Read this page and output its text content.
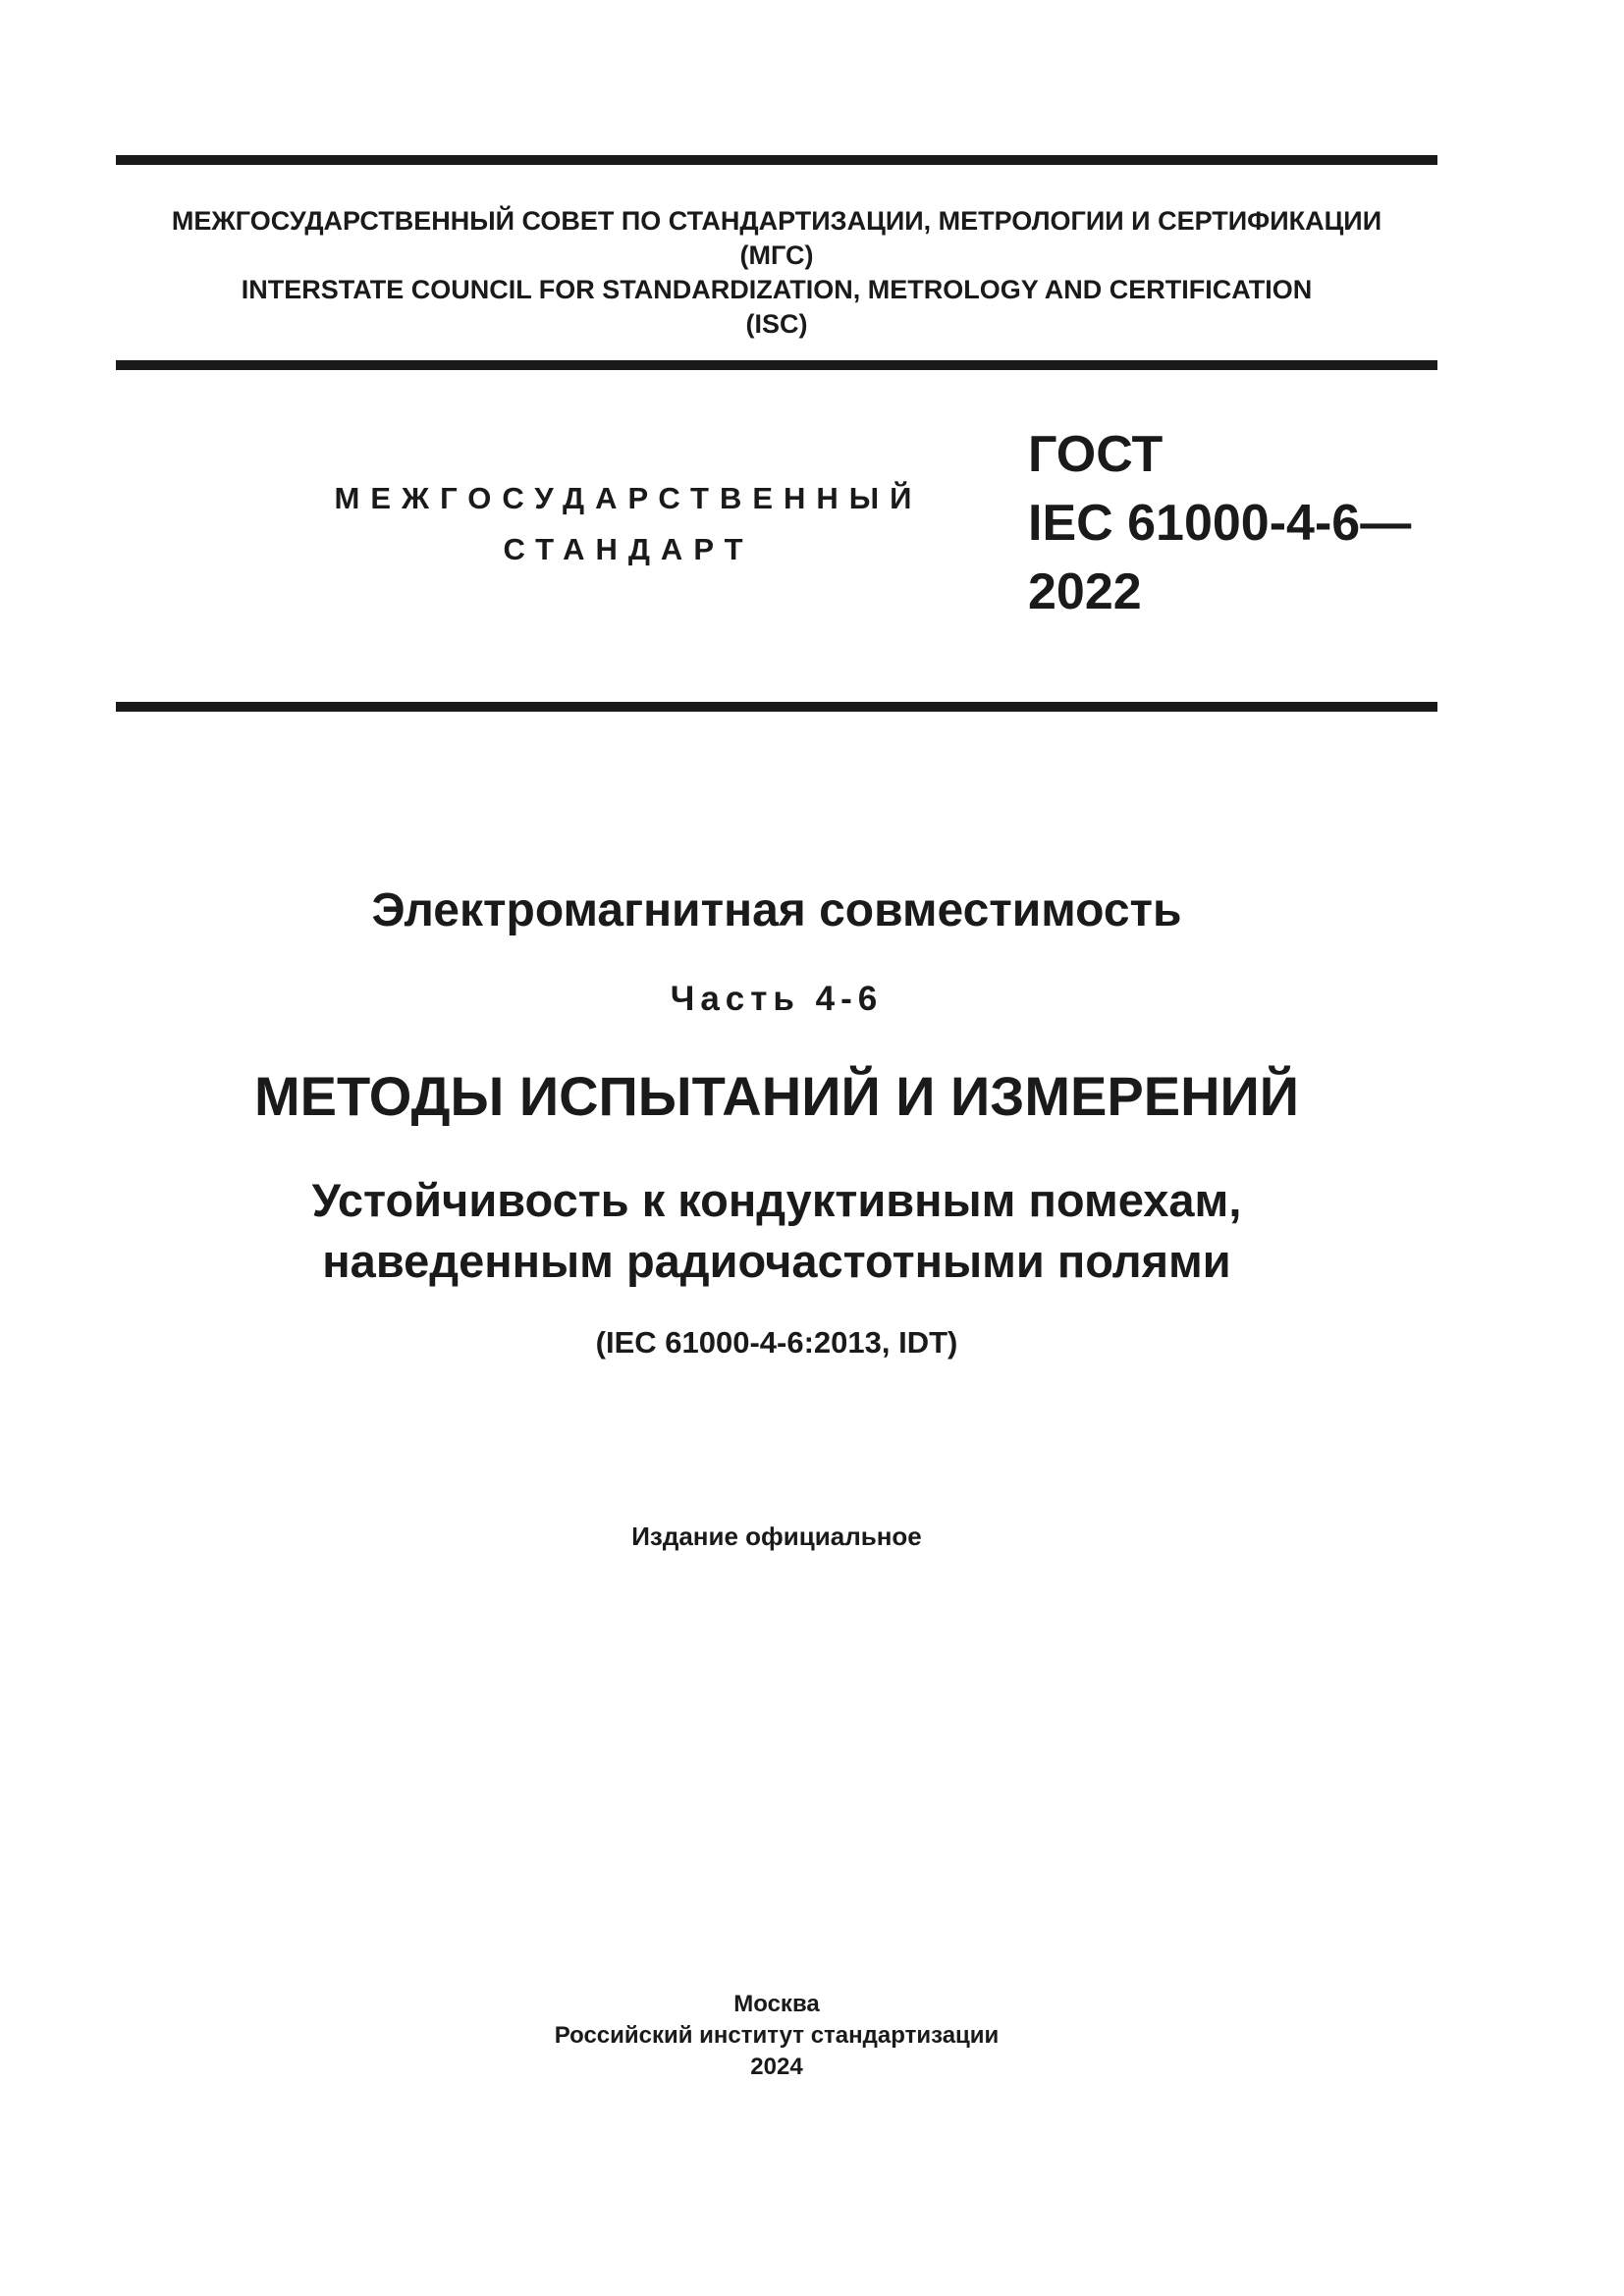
МЕЖГОСУДАРСТВЕННЫЙ СОВЕТ ПО СТАНДАРТИЗАЦИИ, МЕТРОЛОГИИ И СЕРТИФИКАЦИИ
(МГС)
INTERSTATE COUNCIL FOR STANDARDIZATION, METROLOGY AND CERTIFICATION
(ISC)
МЕЖГОСУДАРСТВЕННЫЙ
СТАНДАРТ
ГОСТ
IEC 61000-4-6—
2022
Электромагнитная совместимость
Часть 4-6
МЕТОДЫ ИСПЫТАНИЙ И ИЗМЕРЕНИЙ
Устойчивость к кондуктивным помехам,
наведенным радиочастотными полями
(IEC 61000-4-6:2013, IDT)
Издание официальное
Москва
Российский институт стандартизации
2024
